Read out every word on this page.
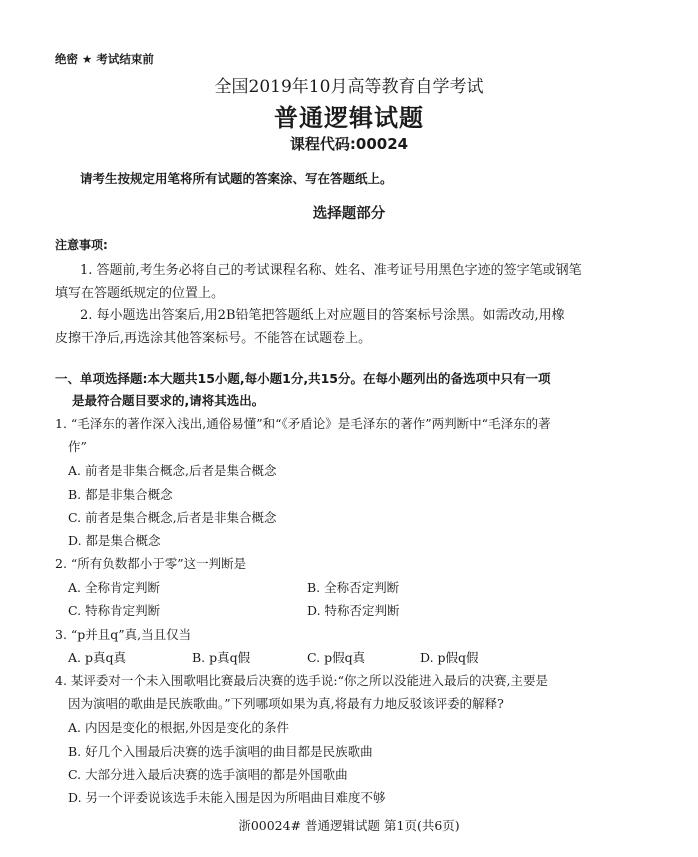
绝密 ★ 考试结束前
全国2019年10月高等教育自学考试
普通逻辑试题
课程代码:00024
请考生按规定用笔将所有试题的答案涂、写在答题纸上。
选择题部分
注意事项:
1. 答题前,考生务必将自己的考试课程名称、姓名、准考证号用黑色字迹的签字笔或钢笔
填写在答题纸规定的位置上。
2. 每小题选出答案后,用2B铅笔把答题纸上对应题目的答案标号涂黑。如需改动,用橡
皮擦干净后,再选涂其他答案标号。不能答在试题卷上。
一、单项选择题:本大题共15小题,每小题1分,共15分。在每小题列出的备选项中只有一项
是最符合题目要求的,请将其选出。
1. “毛泽东的著作深入浅出,通俗易懂”和“《矛盾论》是毛泽东的著作”两判断中“毛泽东的著
作”
A. 前者是非集合概念,后者是集合概念
B. 都是非集合概念
C. 前者是集合概念,后者是非集合概念
D. 都是集合概念
2. “所有负数都小于零”这一判断是
A. 全称肯定判断	B. 全称否定判断
C. 特称肯定判断	D. 特称否定判断
3. “p并且q”真,当且仅当
A. p真q真	B. p真q假	C. p假q真	D. p假q假
4. 某评委对一个未入围歌唱比赛最后决赛的选手说:“你之所以没能进入最后的决赛,主要是
因为演唱的歌曲是民族歌曲。”下列哪项如果为真,将最有力地反驳该评委的解释?
A. 内因是变化的根据,外因是变化的条件
B. 好几个入围最后决赛的选手演唱的曲目都是民族歌曲
C. 大部分进入最后决赛的选手演唱的都是外国歌曲
D. 另一个评委说该选手未能入围是因为所唱曲目难度不够
浙00024# 普通逻辑试题 第1页(共6页)
